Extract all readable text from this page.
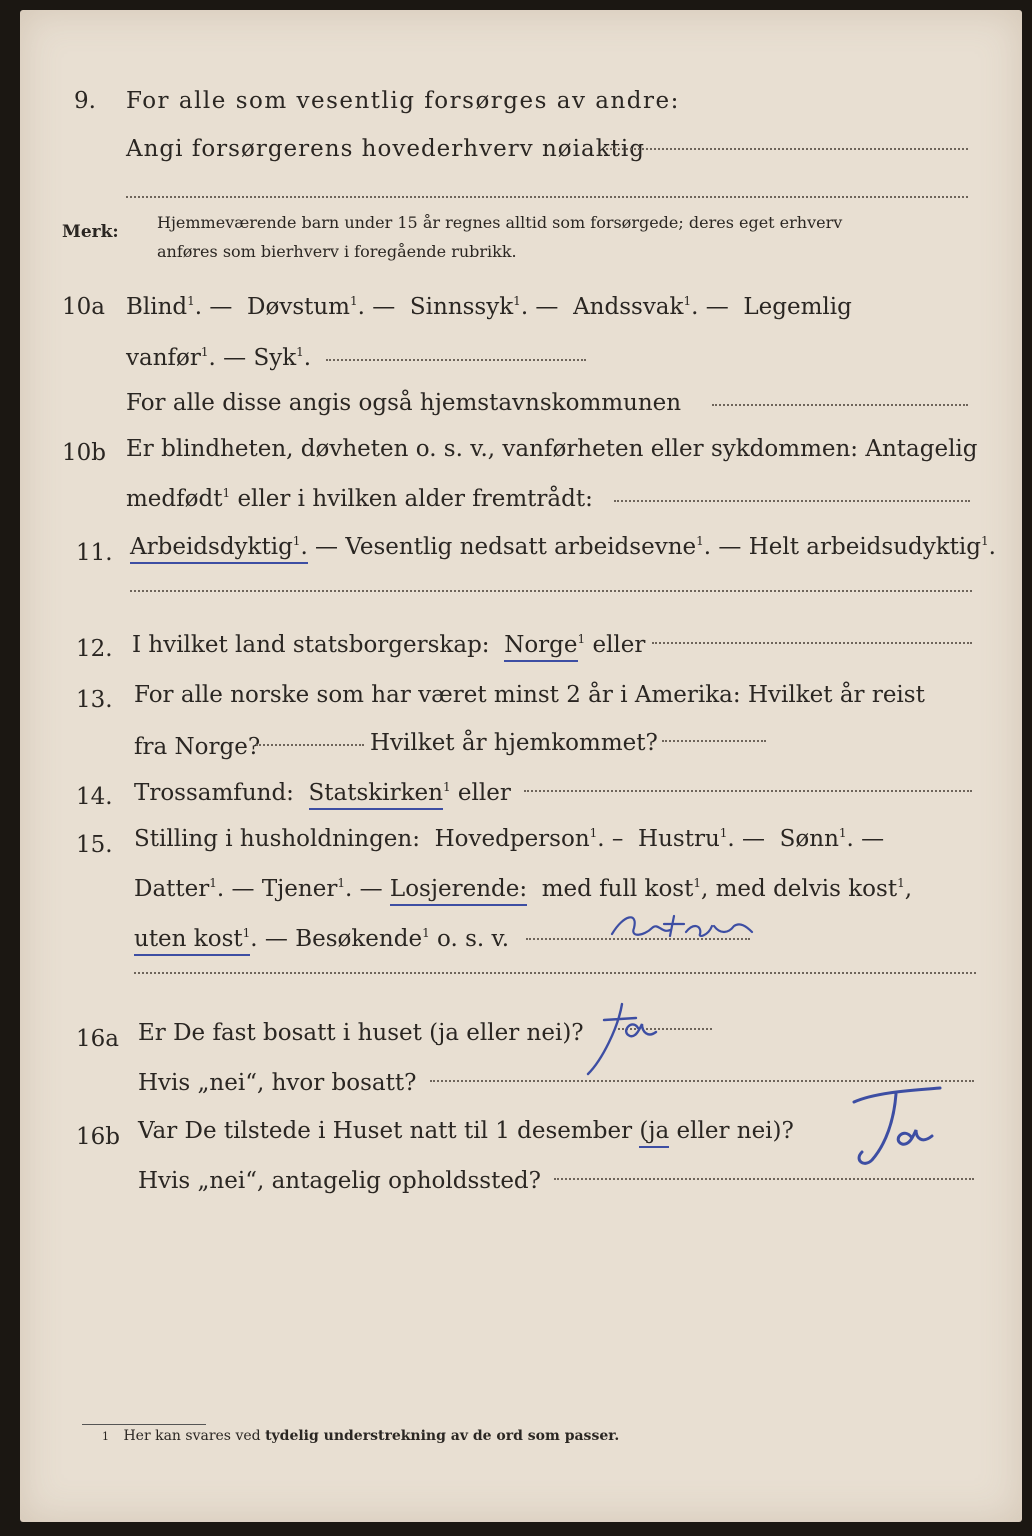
9. For alle som vesentlig forsørges av andre:
Angi forsørgerens hovederhverv nøiaktig
Merk: Hjemmeværende barn under 15 år regnes alltid som forsørgede; deres eget erhverv
anføres som bierhverv i foregående rubrikk.
10a Blind$^1$. —  Døvstum$^1$. —  Sinnssyk$^1$. —  Andssvak$^1$. —  Legemlig
vanfør$^1$. — Syk$^1$.
For alle disse angis også hjemstavnskommunen
10b Er blindheten, døvheten o. s. v., vanførheten eller sykdommen: Antagelig
medfødt$^1$ eller i hvilken alder fremtrådt:
11. Arbeidsdyktig$^1$. — Vesentlig nedsatt arbeidsevne$^1$. — Helt arbeidsudyktig$^1$.
12. I hvilket land statsborgerskap: Norge$^1$ eller
13. For alle norske som har været minst 2 år i Amerika: Hvilket år reist
fra Norge?	Hvilket år hjemkommet?
14. Trossamfund: Statskirken$^1$ eller
15. Stilling i husholdningen: Hovedperson$^1$. –  Hustru$^1$. —  Sønn$^1$. —
Datter$^1$. — Tjener$^1$. — Losjerende: med full kost$^1$, med delvis kost$^1$,
uten kost$^1$. — Besøkende$^1$ o. s. v.
16a Er De fast bosatt i huset (ja eller nei)?
Hvis „nei“, hvor bosatt?
16b Var De tilstede i Huset natt til 1 desember (ja eller nei)?
Hvis „nei“, antagelig opholdssted?
1 Her kan svares ved tydelig understrekning av de ord som passer.
